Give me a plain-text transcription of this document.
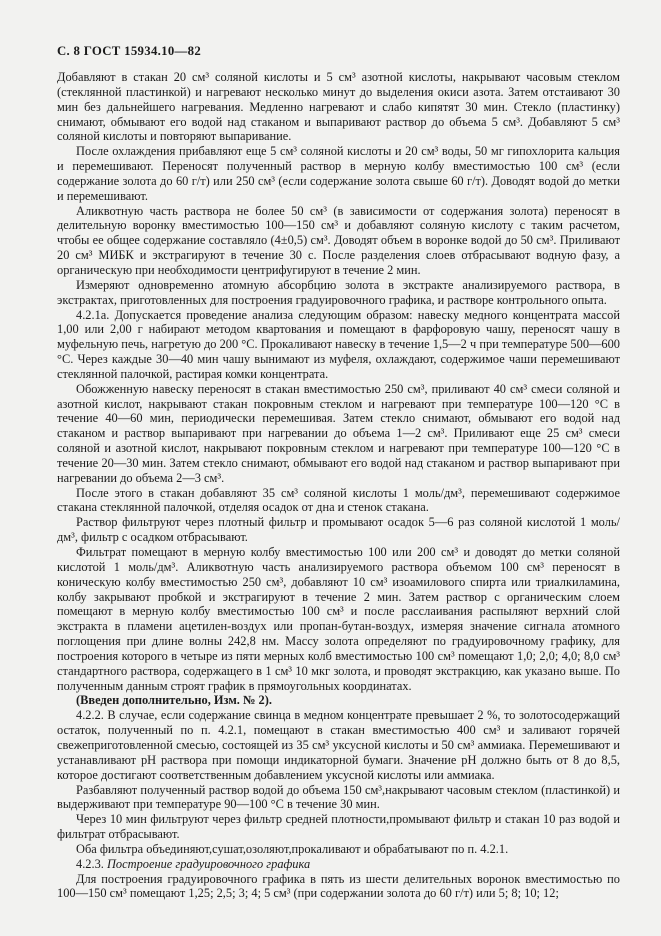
С. 8 ГОСТ 15934.10—82

Добавляют в стакан 20 см³ соляной кислоты и 5 см³ азотной кислоты, накрывают часовым стеклом (стеклянной пластинкой) и нагревают несколько минут до выделения окиси азота. Затем отстаивают 30 мин без дальнейшего нагревания. Медленно нагревают и слабо кипятят 30 мин. Стекло (пластинку) снимают, обмывают его водой над стаканом и выпаривают раствор до объема 5 см³. Добавляют 5 см³ соляной кислоты и повторяют выпаривание.

После охлаждения прибавляют еще 5 см³ соляной кислоты и 20 см³ воды, 50 мг гипохлорита кальция и перемешивают. Переносят полученный раствор в мерную колбу вместимостью 100 см³ (если содержание золота до 60 г/т) или 250 см³ (если содержание золота свыше 60 г/т). Доводят водой до метки и перемешивают.

Аликвотную часть раствора не более 50 см³ (в зависимости от содержания золота) переносят в делительную воронку вместимостью 100—150 см³ и добавляют соляную кислоту с таким расчетом, чтобы ее общее содержание составляло (4±0,5) см³. Доводят объем в воронке водой до 50 см³. Приливают 20 см³ МИБК и экстрагируют в течение 30 с. После разделения слоев отбрасывают водную фазу, а органическую при необходимости центрифугируют в течение 2 мин.

Измеряют одновременно атомную абсорбцию золота в экстракте анализируемого раствора, в экстрактах, приготовленных для построения градуировочного графика, и растворе контрольного опыта.

4.2.1а. Допускается проведение анализа следующим образом: навеску медного концентрата массой 1,00 или 2,00 г набирают методом квартования и помещают в фарфоровую чашу, переносят чашу в муфельную печь, нагретую до 200 °С. Прокаливают навеску в течение 1,5—2 ч при температуре 500—600 °С. Через каждые 30—40 мин чашу вынимают из муфеля, охлаждают, содержимое чаши перемешивают стеклянной палочкой, растирая комки концентрата.

Обожженную навеску переносят в стакан вместимостью 250 см³, приливают 40 см³ смеси соляной и азотной кислот, накрывают стакан покровным стеклом и нагревают при температуре 100—120 °С в течение 40—60 мин, периодически перемешивая. Затем стекло снимают, обмывают его водой над стаканом и раствор выпаривают при нагревании до объема 1—2 см³. Приливают еще 25 см³ смеси соляной и азотной кислот, накрывают покровным стеклом и нагревают при температуре 100—120 °С в течение 20—30 мин. Затем стекло снимают, обмывают его водой над стаканом и раствор выпаривают при нагревании до объема 2—3 см³.

После этого в стакан добавляют 35 см³ соляной кислоты 1 моль/дм³, перемешивают содержимое стакана стеклянной палочкой, отделяя осадок от дна и стенок стакана.

Раствор фильтруют через плотный фильтр и промывают осадок 5—6 раз соляной кислотой 1 моль/дм³, фильтр с осадком отбрасывают.

Фильтрат помещают в мерную колбу вместимостью 100 или 200 см³ и доводят до метки соляной кислотой 1 моль/дм³. Аликвотную часть анализируемого раствора объемом 100 см³ переносят в коническую колбу вместимостью 250 см³, добавляют 10 см³ изоамилового спирта или триалкиламина, колбу закрывают пробкой и экстрагируют в течение 2 мин. Затем раствор с органическим слоем помещают в мерную колбу вместимостью 100 см³ и после расслаивания распыляют верхний слой экстракта в пламени ацетилен-воздух или пропан-бутан-воздух, измеряя значение сигнала атомного поглощения при длине волны 242,8 нм. Массу золота определяют по градуировочному графику, для построения которого в четыре из пяти мерных колб вместимостью 100 см³ помещают 1,0; 2,0; 4,0; 8,0 см³ стандартного раствора, содержащего в 1 см³ 10 мкг золота, и проводят экстракцию, как указано выше. По полученным данным строят график в прямоугольных координатах.

(Введен дополнительно, Изм. № 2).

4.2.2. В случае, если содержание свинца в медном концентрате превышает 2 %, то золотосодержащий остаток, полученный по п. 4.2.1, помещают в стакан вместимостью 400 см³ и заливают горячей свежеприготовленной смесью, состоящей из 35 см³ уксусной кислоты и 50 см³ аммиака. Перемешивают и устанавливают рН раствора при помощи индикаторной бумаги. Значение рН должно быть от 8 до 8,5, которое достигают соответственным добавлением уксусной кислоты или аммиака.

Разбавляют полученный раствор водой до объема 150 см³,накрывают часовым стеклом (пластинкой) и выдерживают при температуре 90—100 °С в течение 30 мин.

Через 10 мин фильтруют через фильтр средней плотности,промывают фильтр и стакан 10 раз водой и фильтрат отбрасывают.

Оба фильтра объединяют,сушат,озоляют,прокаливают и обрабатывают по п. 4.2.1.

4.2.3. Построение градуировочного графика

Для построения градуировочного графика в пять из шести делительных воронок вместимостью по 100—150 см³ помещают 1,25; 2,5; 3; 4; 5 см³ (при содержании золота до 60 г/т) или 5; 8; 10; 12;
